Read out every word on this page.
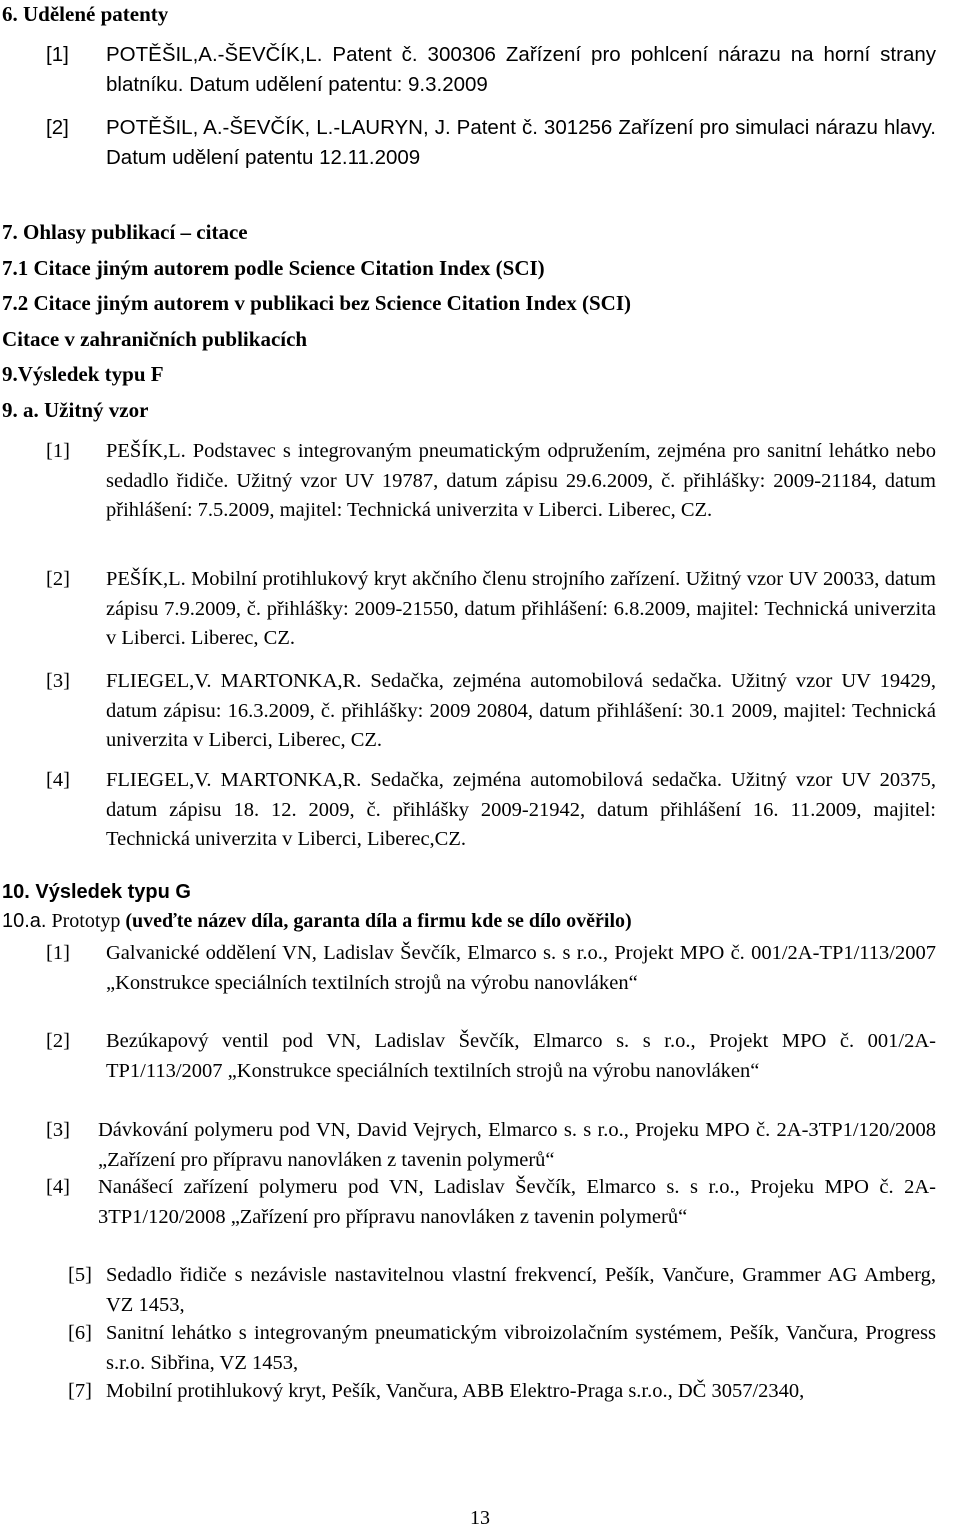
6. Udělené patenty
[1] POTĚŠIL,A.-ŠEVČÍK,L. Patent č. 300306 Zařízení pro pohlcení nárazu na horní strany blatníku. Datum udělení patentu: 9.3.2009
[2] POTĚŠIL, A.-ŠEVČÍK, L.-LAURYN, J. Patent č. 301256 Zařízení pro simulaci nárazu hlavy. Datum udělení patentu 12.11.2009
7. Ohlasy publikací – citace
7.1 Citace jiným autorem podle Science Citation Index (SCI)
7.2 Citace jiným autorem v publikaci bez Science Citation Index (SCI)
Citace v zahraničních publikacích
9.Výsledek typu F
9. a. Užitný vzor
[1] PEŠÍK,L. Podstavec s integrovaným pneumatickým odpružením, zejména pro sanitní lehátko nebo sedadlo řidiče. Užitný vzor UV 19787, datum zápisu 29.6.2009, č. přihlášky: 2009-21184, datum přihlášení: 7.5.2009, majitel: Technická univerzita v Liberci. Liberec, CZ.
[2] PEŠÍK,L. Mobilní protihlukový kryt akčního členu strojního zařízení. Užitný vzor UV 20033, datum zápisu 7.9.2009, č. přihlášky: 2009-21550, datum přihlášení: 6.8.2009, majitel: Technická univerzita v Liberci. Liberec, CZ.
[3] FLIEGEL,V. MARTONKA,R. Sedačka, zejména automobilová sedačka. Užitný vzor UV 19429, datum zápisu: 16.3.2009, č. přihlášky: 2009 20804, datum přihlášení: 30.1 2009, majitel: Technická univerzita v Liberci, Liberec, CZ.
[4] FLIEGEL,V. MARTONKA,R. Sedačka, zejména automobilová sedačka. Užitný vzor UV 20375, datum zápisu 18. 12. 2009, č. přihlášky 2009-21942, datum přihlášení 16. 11.2009, majitel: Technická univerzita v Liberci, Liberec,CZ.
10. Výsledek typu G
10.a. Prototyp (uveďte název díla, garanta díla a firmu kde se dílo ověřilo)
[1] Galvanické oddělení VN, Ladislav Ševčík, Elmarco s. s r.o., Projekt MPO č. 001/2A-TP1/113/2007 „Konstrukce speciálních textilních strojů na výrobu nanovláken“
[2] Bezúkapový ventil pod VN, Ladislav Ševčík, Elmarco s. s r.o., Projekt MPO č. 001/2A-TP1/113/2007 „Konstrukce speciálních textilních strojů na výrobu nanovláken“
[3] Dávkování polymeru pod VN, David Vejrych, Elmarco s. s r.o., Projeku MPO č. 2A-3TP1/120/2008 „Zařízení pro přípravu nanovláken z tavenin polymerů“
[4] Nanášecí zařízení polymeru pod VN, Ladislav Ševčík, Elmarco s. s r.o., Projeku MPO č. 2A-3TP1/120/2008 „Zařízení pro přípravu nanovláken z tavenin polymerů“
[5] Sedadlo řidiče s nezávisle nastavitelnou vlastní frekvencí, Pešík, Vančure, Grammer AG Amberg, VZ 1453,
[6] Sanitní lehátko s integrovaným pneumatickým vibroizolačním systémem, Pešík, Vančura, Progress s.r.o. Sibřina, VZ 1453,
[7] Mobilní protihlukový kryt, Pešík, Vančura, ABB Elektro-Praga s.r.o., DČ 3057/2340,
13
